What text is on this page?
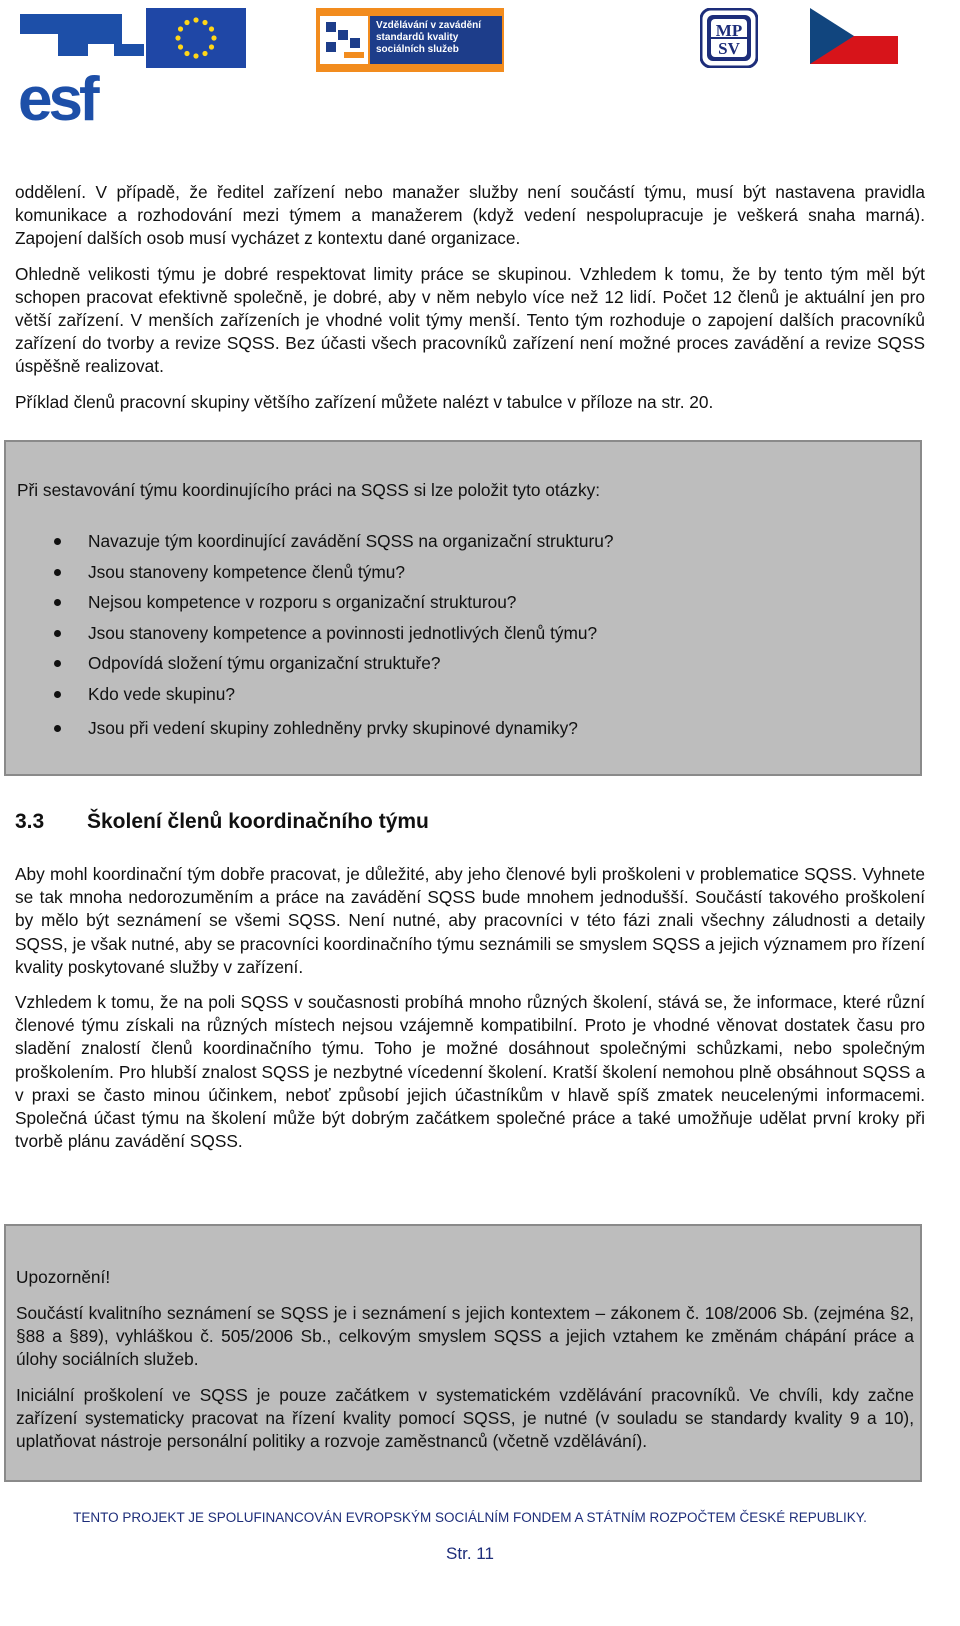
esf
Vzdělávání v zavádění
standardů kvality
sociálních služeb
MP
SV

oddělení. V případě, že ředitel zařízení nebo manažer služby není součástí týmu, musí být nastavena pravidla komunikace a rozhodování mezi týmem a manažerem (když vedení nespolupracuje je veškerá snaha marná). Zapojení dalších osob musí vycházet z kontextu dané organizace.

Ohledně velikosti týmu je dobré respektovat limity práce se skupinou. Vzhledem k tomu, že by tento tým měl být schopen pracovat efektivně společně, je dobré, aby v něm nebylo více než 12 lidí. Počet 12 členů je aktuální jen pro větší zařízení. V menších zařízeních je vhodné volit týmy menší. Tento tým rozhoduje o zapojení dalších pracovníků zařízení do tvorby a revize SQSS. Bez účasti všech pracovníků zařízení není možné proces zavádění a revize SQSS úspěšně realizovat.

Příklad členů pracovní skupiny většího zařízení můžete nalézt v tabulce v příloze na str. 20.

Při sestavování týmu koordinujícího práci na SQSS si lze položit tyto otázky:
Navazuje tým koordinující zavádění SQSS na organizační strukturu?
Jsou stanoveny kompetence členů týmu?
Nejsou kompetence v rozporu s organizační strukturou?
Jsou stanoveny kompetence a povinnosti jednotlivých členů týmu?
Odpovídá složení týmu organizační struktuře?
Kdo vede skupinu?
Jsou při vedení skupiny zohledněny prvky skupinové dynamiky?
3.3 Školení členů koordinačního týmu

Aby mohl koordinační tým dobře pracovat, je důležité, aby jeho členové byli proškoleni v problematice SQSS. Vyhnete se tak mnoha nedorozuměním a práce na zavádění SQSS bude mnohem jednodušší. Součástí takového proškolení by mělo být seznámení se všemi SQSS. Není nutné, aby pracovníci v této fázi znali všechny záludnosti a detaily SQSS, je však nutné, aby se pracovníci koordinačního týmu seznámili se smyslem SQSS a jejich významem pro řízení kvality poskytované služby v zařízení.

Vzhledem k tomu, že na poli SQSS v současnosti probíhá mnoho různých školení, stává se, že informace, které různí členové týmu získali na různých místech nejsou vzájemně kompatibilní. Proto je vhodné věnovat dostatek času pro sladění znalostí členů koordinačního týmu. Toho je možné dosáhnout společnými schůzkami, nebo společným proškolením. Pro hlubší znalost SQSS je nezbytné vícedenní školení. Kratší školení nemohou plně obsáhnout SQSS a v praxi se často minou účinkem, neboť způsobí jejich účastníkům v hlavě spíš zmatek neucelenými informacemi. Společná účast týmu na školení může být dobrým začátkem společné práce a také umožňuje udělat první kroky při tvorbě plánu zavádění SQSS.

Upozornění!

Součástí kvalitního seznámení se SQSS je i seznámení s jejich kontextem – zákonem č. 108/2006 Sb. (zejména §2, §88 a §89), vyhláškou č. 505/2006 Sb., celkovým smyslem SQSS a jejich vztahem ke změnám chápání práce a úlohy sociálních služeb.

Iniciální proškolení ve SQSS je pouze začátkem v systematickém vzdělávání pracovníků. Ve chvíli, kdy začne zařízení systematicky pracovat na řízení kvality pomocí SQSS, je nutné (v souladu se standardy kvality 9 a 10), uplatňovat nástroje personální politiky a rozvoje zaměstnanců (včetně vzdělávání).

TENTO PROJEKT JE SPOLUFINANCOVÁN EVROPSKÝM SOCIÁLNÍM FONDEM A STÁTNÍM ROZPOČTEM ČESKÉ REPUBLIKY.
Str. 11
